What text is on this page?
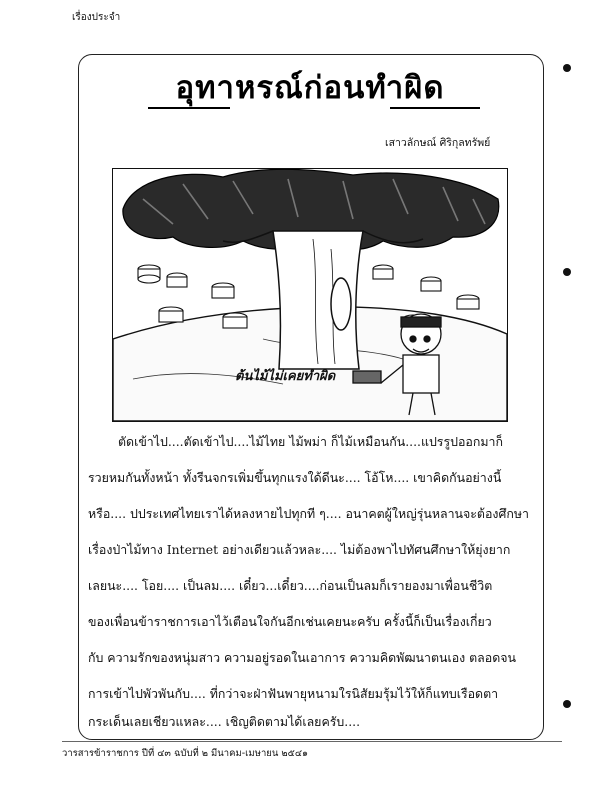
เรื่องประจำ
อุทาหรณ์ก่อนทำผิด
เสาวลักษณ์ ศิริกุลทรัพย์
ต้นไม้ไม่เคยทำผิด
ตัดเข้าไป....ตัดเข้าไป....ไม้ไทย ไม้พม่า ก็ไม้เหมือนกัน....แปรรูปออกมาก็
รวยหมกันทั้งหน้า ทั้งรีนจกรเพิ่มขึ้นทุกแรงใด้ดีนะ.... โอ้โห.... เขาคิดกันอย่างนี้
หรือ.... ปประเทศไทยเราได้หลงหายไปทุกที ๆ.... อนาคตผู้ใหญ่รุ่นหลานจะต้องศึกษา
เรื่องป่าไม้ทาง Internet อย่างเดียวแล้วหละ.... ไม่ต้องพาไปทัศนศึกษาให้ยุ่งยาก
เลยนะ.... โอย.... เป็นลม.... เดี๋ยว...เดี๋ยว....ก่อนเป็นลมก็เรายองมาเพื่อนชีวิต
ของเพื่อนข้าราชการเอาไว้เตือนใจกันอีกเช่นเคยนะครับ ครั้งนี้ก็เป็นเรื่องเกี่ยว
กับ ความรักของหนุ่มสาว ความอยู่รอดในเอาการ ความคิดพัฒนาตนเอง ตลอดจน
การเข้าไปพัวพันกับ.... ที่กว่าจะฝ่าฟันพายุหนามใรนิสัยมรุ้มไว้ให้ก็แทบเรือดตา
กระเด็นเลยเชียวแหละ.... เชิญติดตามได้เลยครับ....
วารสารข้าราชการ ปีที่ ๔๓ ฉบับที่ ๒ มีนาคม-เมษายน ๒๕๔๑
